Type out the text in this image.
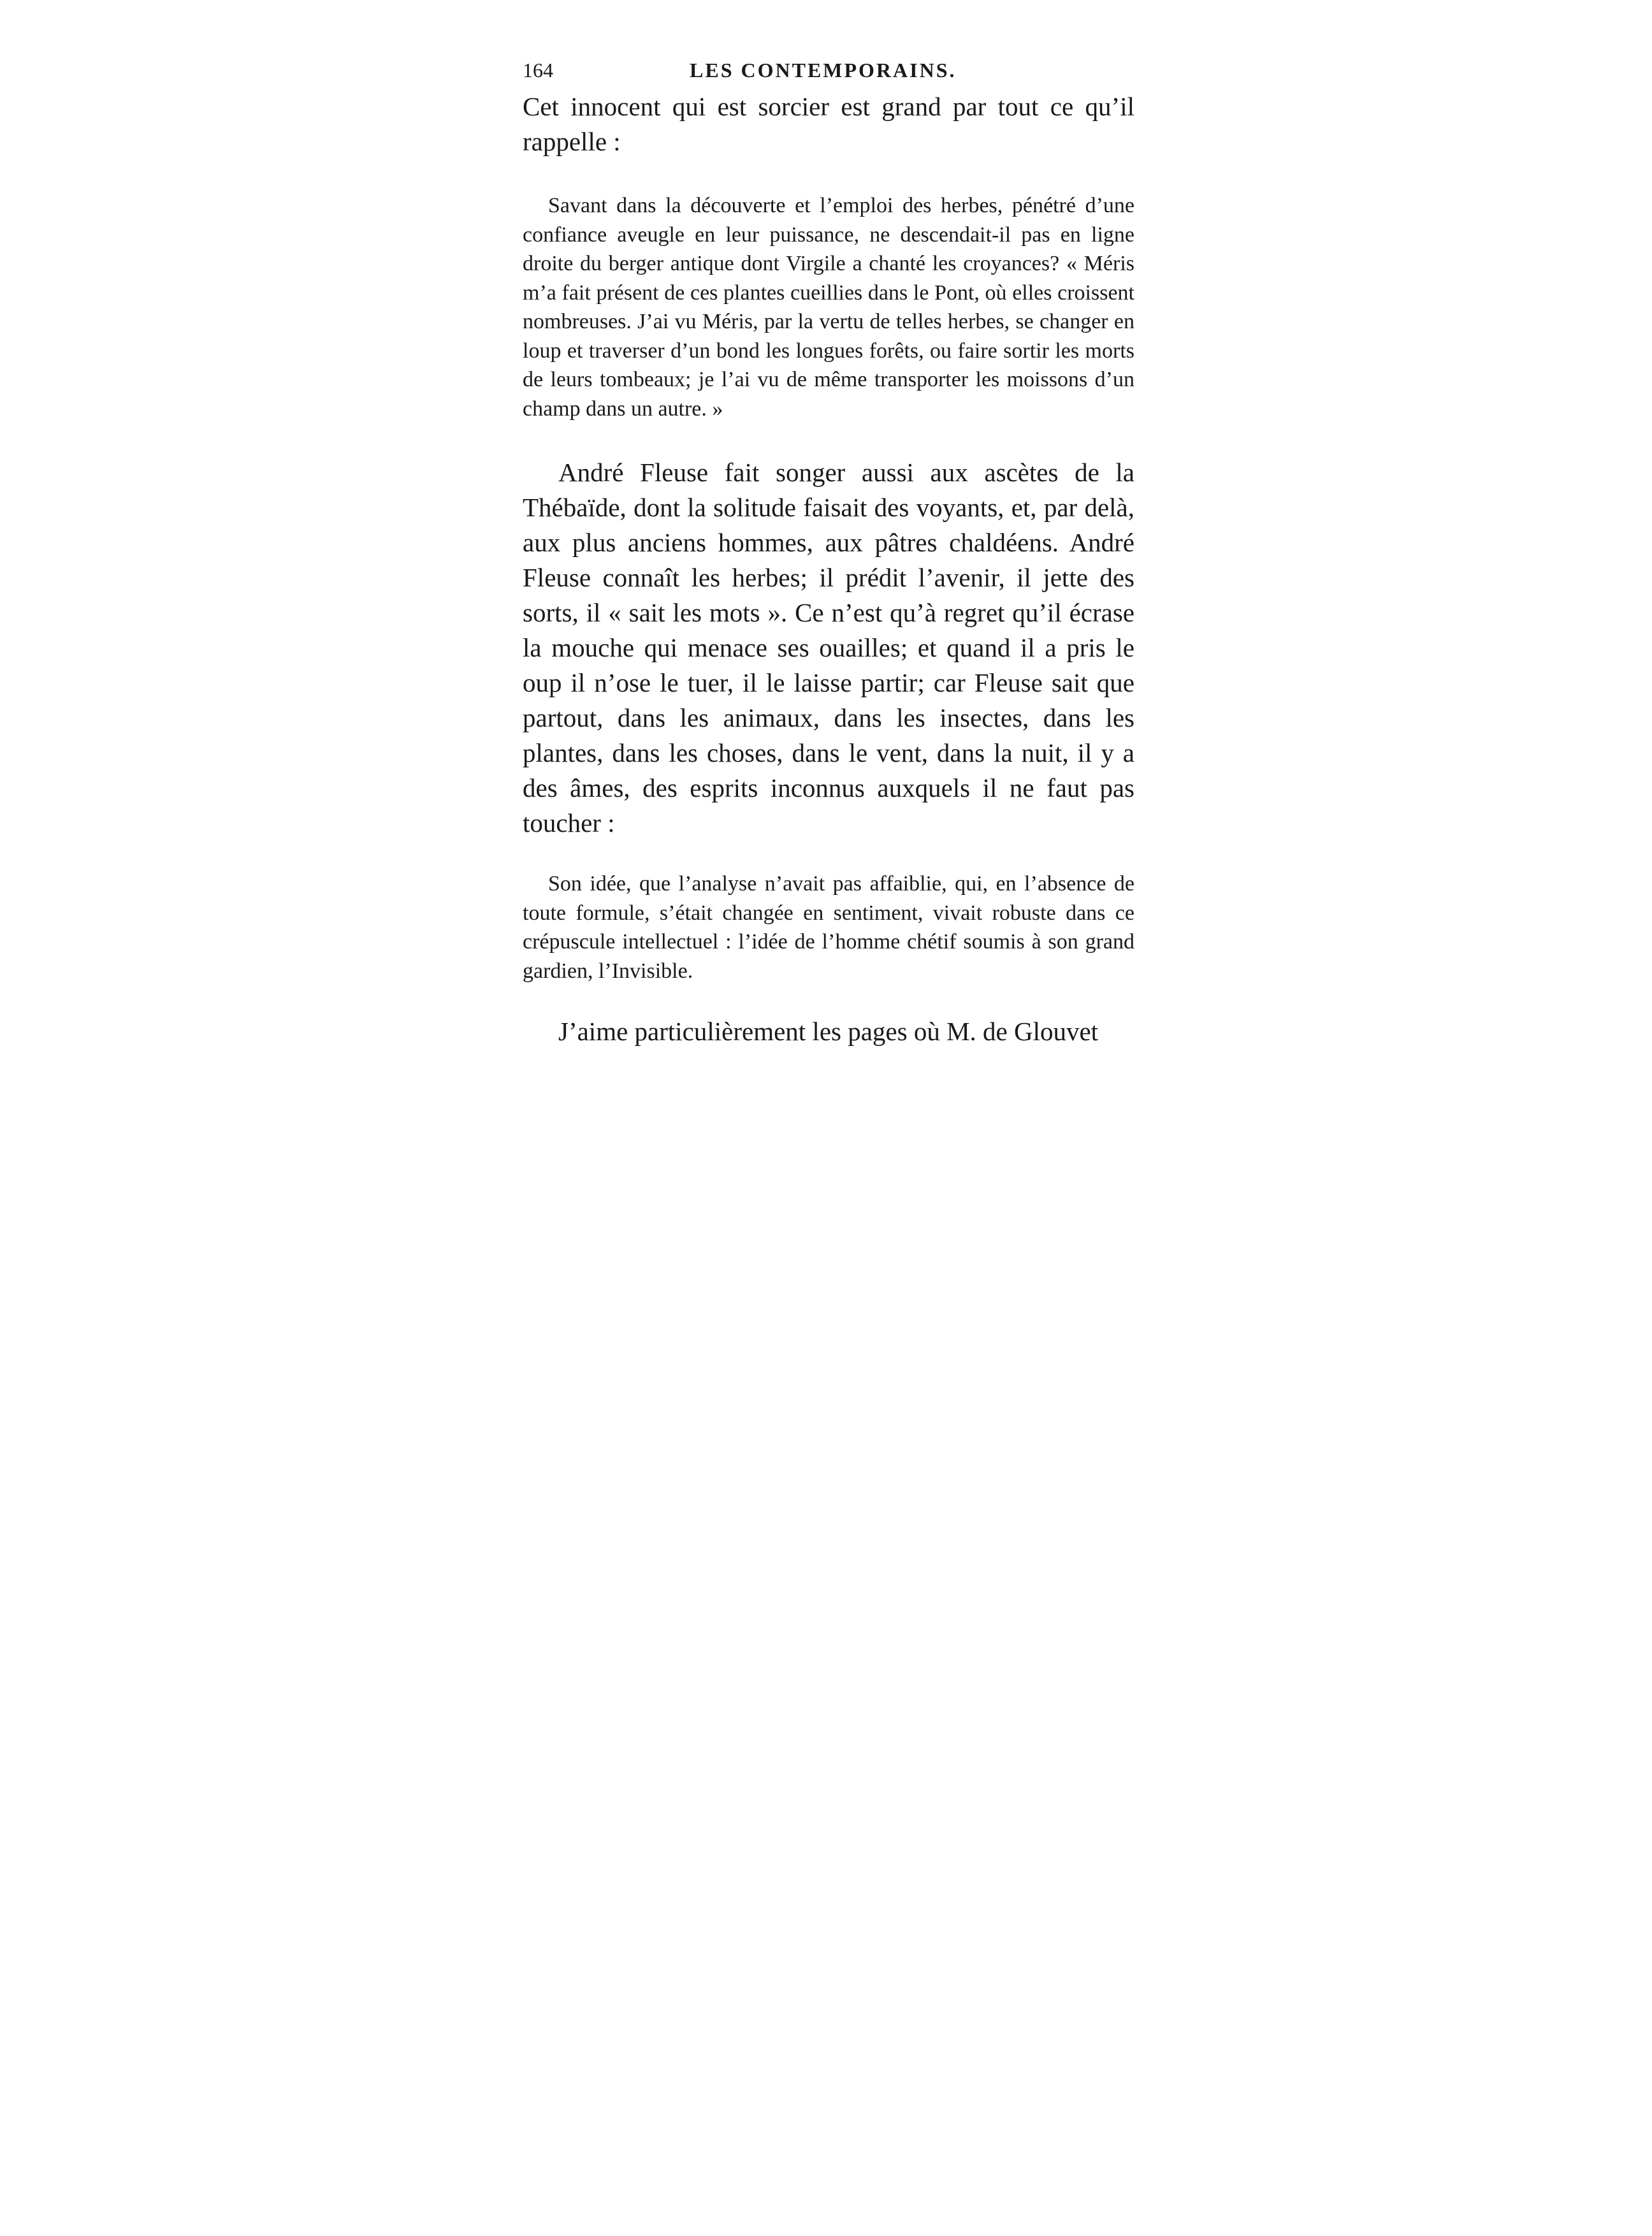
164	LES CONTEMPORAINS.

Cet innocent qui est sorcier est grand par tout ce qu’il rappelle :

Savant dans la découverte et l’emploi des herbes, pénétré d’une confiance aveugle en leur puissance, ne descendait-il pas en ligne droite du berger antique dont Virgile a chanté les croyances? « Méris m’a fait présent de ces plantes cueillies dans le Pont, où elles croissent nombreuses. J’ai vu Méris, par la vertu de telles herbes, se changer en loup et traverser d’un bond les longues forêts, ou faire sortir les morts de leurs tombeaux; je l’ai vu de même transporter les moissons d’un champ dans un autre. »

André Fleuse fait songer aussi aux ascètes de la Thébaïde, dont la solitude faisait des voyants, et, par delà, aux plus anciens hommes, aux pâtres chaldéens. André Fleuse connaît les herbes; il prédit l’avenir, il jette des sorts, il « sait les mots ». Ce n’est qu’à regret qu’il écrase la mouche qui menace ses ouailles; et quand il a pris le oup il n’ose le tuer, il le laisse partir; car Fleuse sait que partout, dans les animaux, dans les insectes, dans les plantes, dans les choses, dans le vent, dans la nuit, il y a des âmes, des esprits inconnus auxquels il ne faut pas toucher :

Son idée, que l’analyse n’avait pas affaiblie, qui, en l’absence de toute formule, s’était changée en sentiment, vivait robuste dans ce crépuscule intellectuel : l’idée de l’homme chétif soumis à son grand gardien, l’Invisible.

J’aime particulièrement les pages où M. de Glouvet
